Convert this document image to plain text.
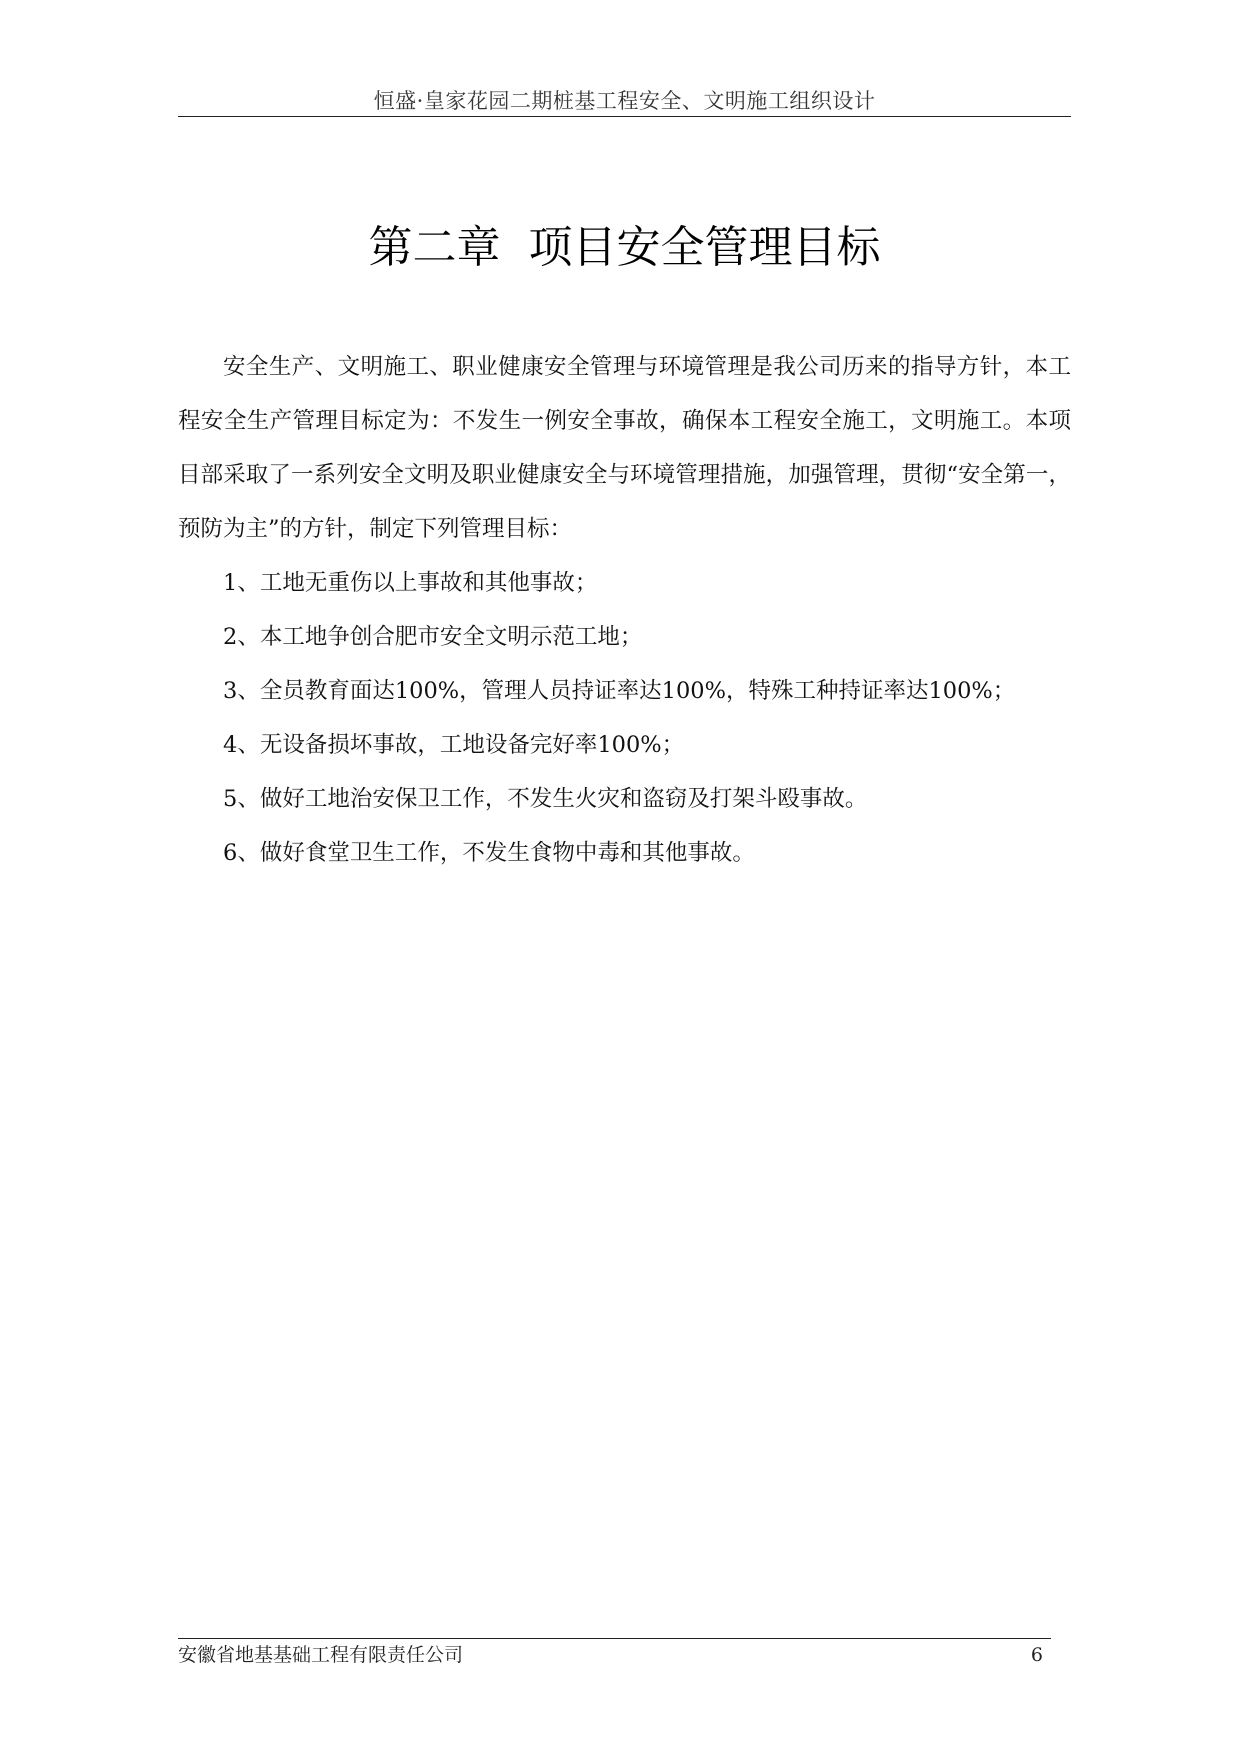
恒盛·皇家花园二期桩基工程安全、文明施工组织设计
第二章  项目安全管理目标

安全生产、文明施工、职业健康安全管理与环境管理是我公司历来的指导方针，本工程安全生产管理目标定为：不发生一例安全事故，确保本工程安全施工，文明施工。本项目部采取了一系列安全文明及职业健康安全与环境管理措施，加强管理，贯彻“安全第一，预防为主”的方针，制定下列管理目标：

1、工地无重伤以上事故和其他事故；
2、本工地争创合肥市安全文明示范工地；
3、全员教育面达100%，管理人员持证率达100%，特殊工种持证率达100%；
4、无设备损坏事故，工地设备完好率100%；
5、做好工地治安保卫工作，不发生火灾和盗窃及打架斗殴事故。
6、做好食堂卫生工作，不发生食物中毒和其他事故。
安徽省地基基础工程有限责任公司	6
